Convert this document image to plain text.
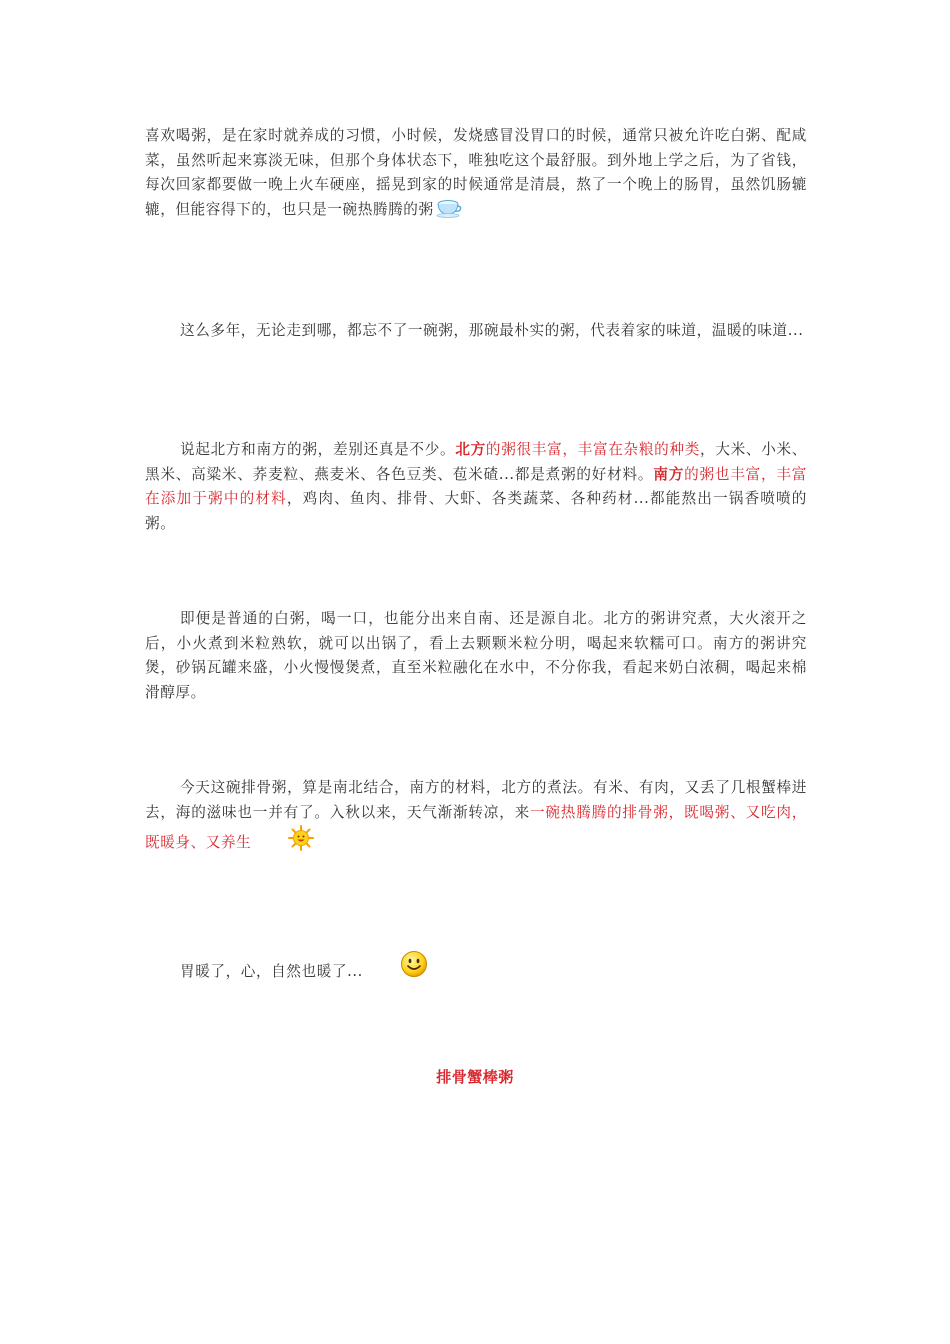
喜欢喝粥，是在家时就养成的习惯，小时候，发烧感冒没胃口的时候，通常只被允许吃白粥、配咸菜，虽然听起来寡淡无味，但那个身体状态下，唯独吃这个最舒服。到外地上学之后，为了省钱，每次回家都要做一晚上火车硬座，摇晃到家的时候通常是清晨，熬了一个晚上的肠胃，虽然饥肠辘辘，但能容得下的，也只是一碗热腾腾的粥

这么多年，无论走到哪，都忘不了一碗粥，那碗最朴实的粥，代表着家的味道，温暖的味道...

说起北方和南方的粥，差别还真是不少。北方的粥很丰富，丰富在杂粮的种类，大米、小米、黑米、高粱米、荞麦粒、燕麦米、各色豆类、苞米碴...都是煮粥的好材料。南方的粥也丰富，丰富在添加于粥中的材料，鸡肉、鱼肉、排骨、大虾、各类蔬菜、各种药材...都能熬出一锅香喷喷的粥。

即便是普通的白粥，喝一口，也能分出来自南、还是源自北。北方的粥讲究煮，大火滚开之后，小火煮到米粒熟软，就可以出锅了，看上去颗颗米粒分明，喝起来软糯可口。南方的粥讲究煲，砂锅瓦罐来盛，小火慢慢煲煮，直至米粒融化在水中，不分你我，看起来奶白浓稠，喝起来棉滑醇厚。

今天这碗排骨粥，算是南北结合，南方的材料，北方的煮法。有米、有肉，又丢了几根蟹棒进去，海的滋味也一并有了。入秋以来，天气渐渐转凉，来一碗热腾腾的排骨粥，既喝粥、又吃肉，既暖身、又养生

胃暖了，心，自然也暖了...

排骨蟹棒粥
